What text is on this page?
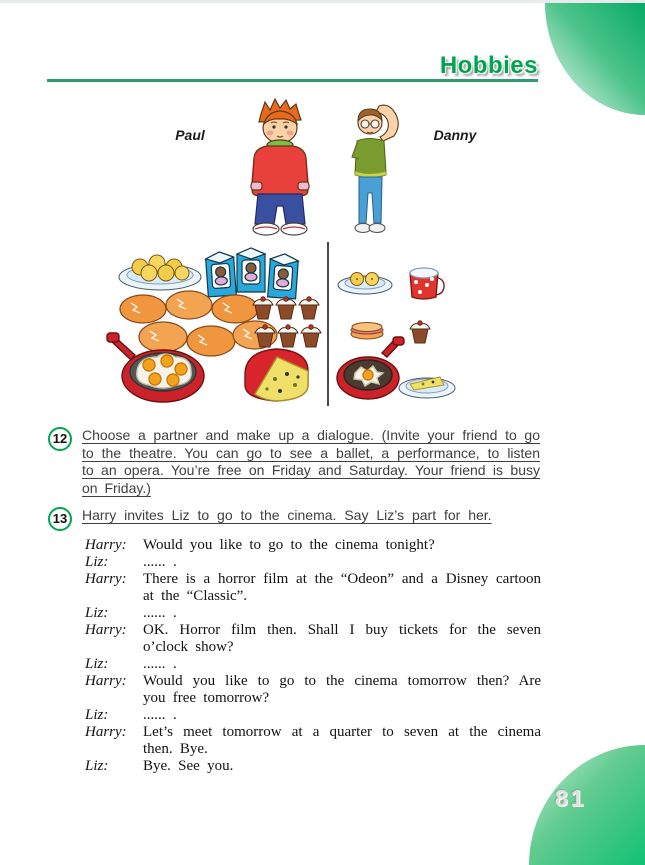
Hobbies
Paul	Danny
12	Choose a partner and make up a dialogue. (Invite your friend to go to the theatre. You can go to see a ballet, a performance, to listen to an opera. You’re free on Friday and Saturday. Your friend is busy on Friday.)
13	Harry invites Liz to go to the cinema. Say Liz’s part for her.
Harry:	Would you like to go to the cinema tonight?
Liz:	...... .
Harry:	There is a horror film at the “Odeon” and a Disney cartoon at the “Classic”.
Liz:	...... .
Harry:	OK. Horror film then. Shall I buy tickets for the seven o’clock show?
Liz:	...... .
Harry:	Would you like to go to the cinema tomorrow then? Are you free tomorrow?
Liz:	...... .
Harry:	Let’s meet tomorrow at a quarter to seven at the cinema then. Bye.
Liz:	Bye. See you.
81
